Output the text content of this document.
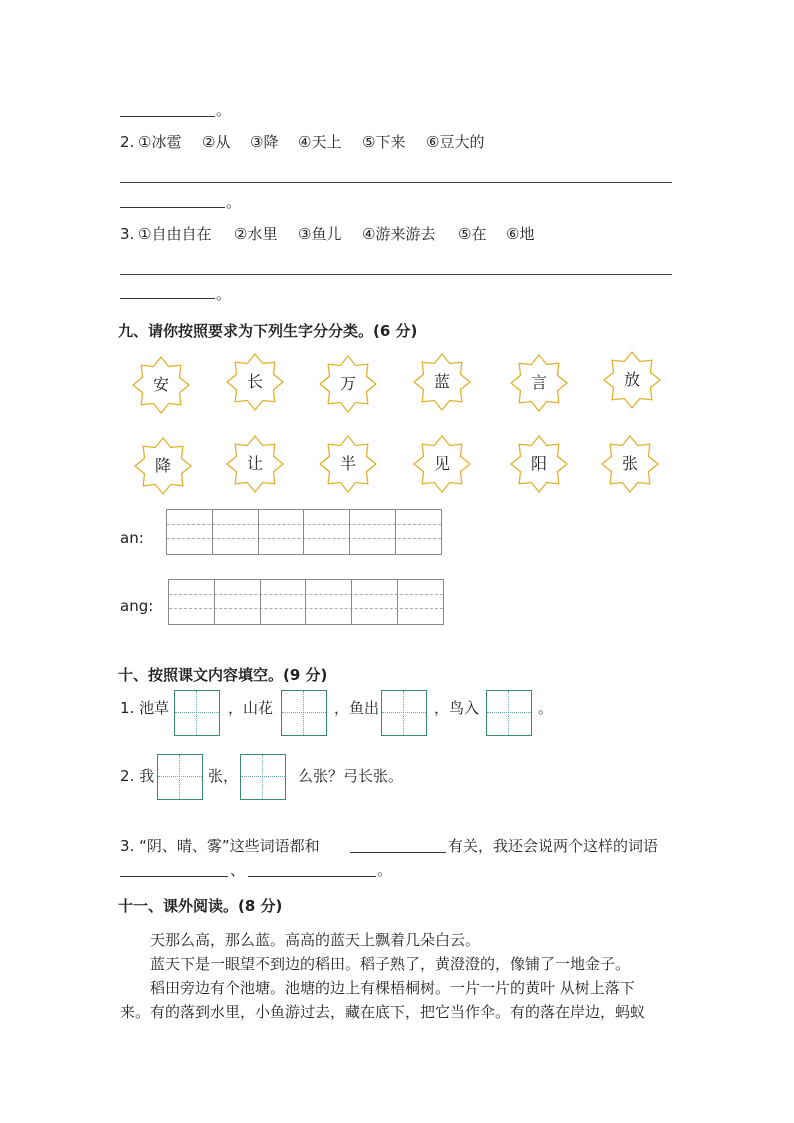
。
2. ①冰雹 ②从 ③降 ④天上 ⑤下来 ⑥豆大的
。
3. ①自由自在 ②水里 ③鱼儿 ④游来游去 ⑤在 ⑥地
。
九、请你按照要求为下列生字分分类。(6 分)
安	长	万	蓝	言	放
降	让	半	见	阳	张
an:
ang:
十、按照课文内容填空。(9 分)
1. 池草	，山花	，鱼出	，鸟入	。
2. 我	张，	么张？弓长张。
3. “阴、晴、雾”这些词语都和	有关，我还会说两个这样的词语
、	。
十一、课外阅读。(8 分)
天那么高，那么蓝。高高的蓝天上飘着几朵白云。
蓝天下是一眼望不到边的稻田。稻子熟了，黄澄澄的，像铺了一地金子。
稻田旁边有个池塘。池塘的边上有棵梧桐树。一片一片的黄叶 从树上落下
来。有的落到水里，小鱼游过去，藏在底下，把它当作伞。有的落在岸边，蚂蚁
